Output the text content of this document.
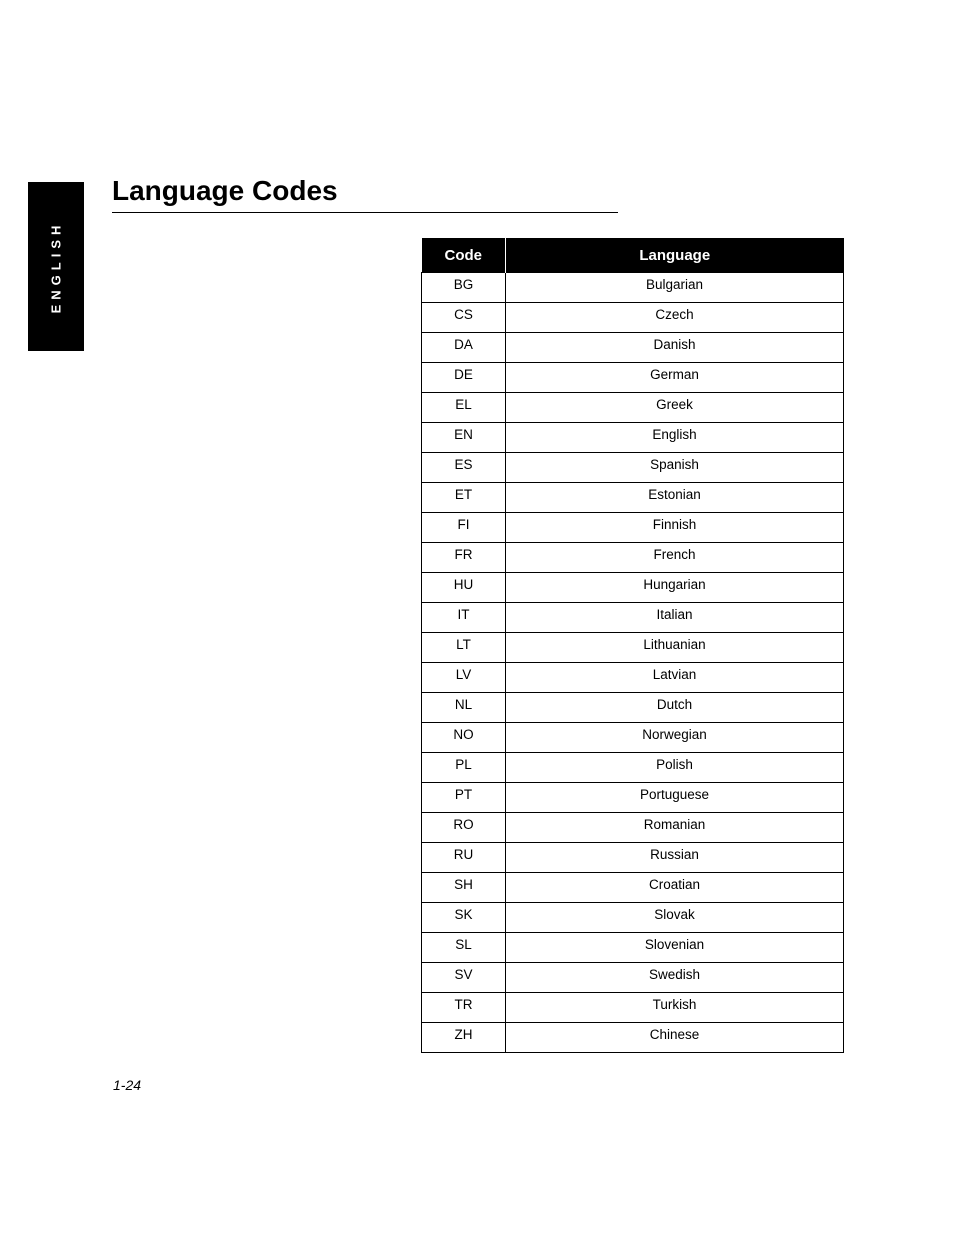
ENGLISH
Language Codes
Code	Language
BG	Bulgarian
CS	Czech
DA	Danish
DE	German
EL	Greek
EN	English
ES	Spanish
ET	Estonian
FI	Finnish
FR	French
HU	Hungarian
IT	Italian
LT	Lithuanian
LV	Latvian
NL	Dutch
NO	Norwegian
PL	Polish
PT	Portuguese
RO	Romanian
RU	Russian
SH	Croatian
SK	Slovak
SL	Slovenian
SV	Swedish
TR	Turkish
ZH	Chinese
1-24
